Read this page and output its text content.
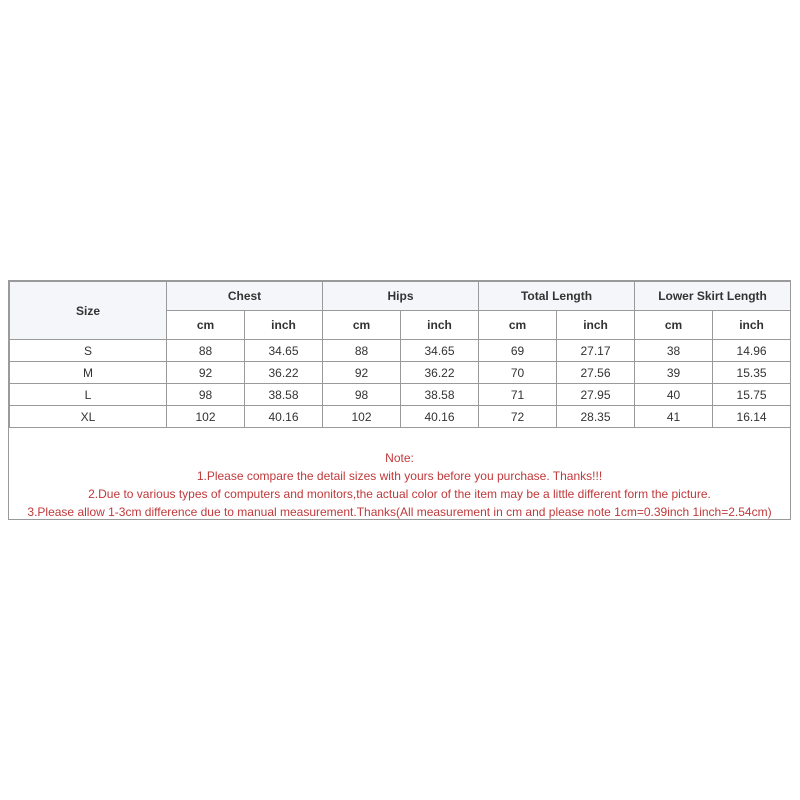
Size	Chest		Hips		Total Length		Lower Skirt Length	
	cm	inch	cm	inch	cm	inch	cm	inch
S	88	34.65	88	34.65	69	27.17	38	14.96
M	92	36.22	92	36.22	70	27.56	39	15.35
L	98	38.58	98	38.58	71	27.95	40	15.75
XL	102	40.16	102	40.16	72	28.35	41	16.14
Note:
1.Please compare the detail sizes with yours before you purchase. Thanks!!!
2.Due to various types of computers and monitors,the actual color of the item may be a little different form the picture.
3.Please allow 1-3cm difference due to manual measurement.Thanks(All measurement in cm and please note 1cm=0.39inch 1inch=2.54cm)
